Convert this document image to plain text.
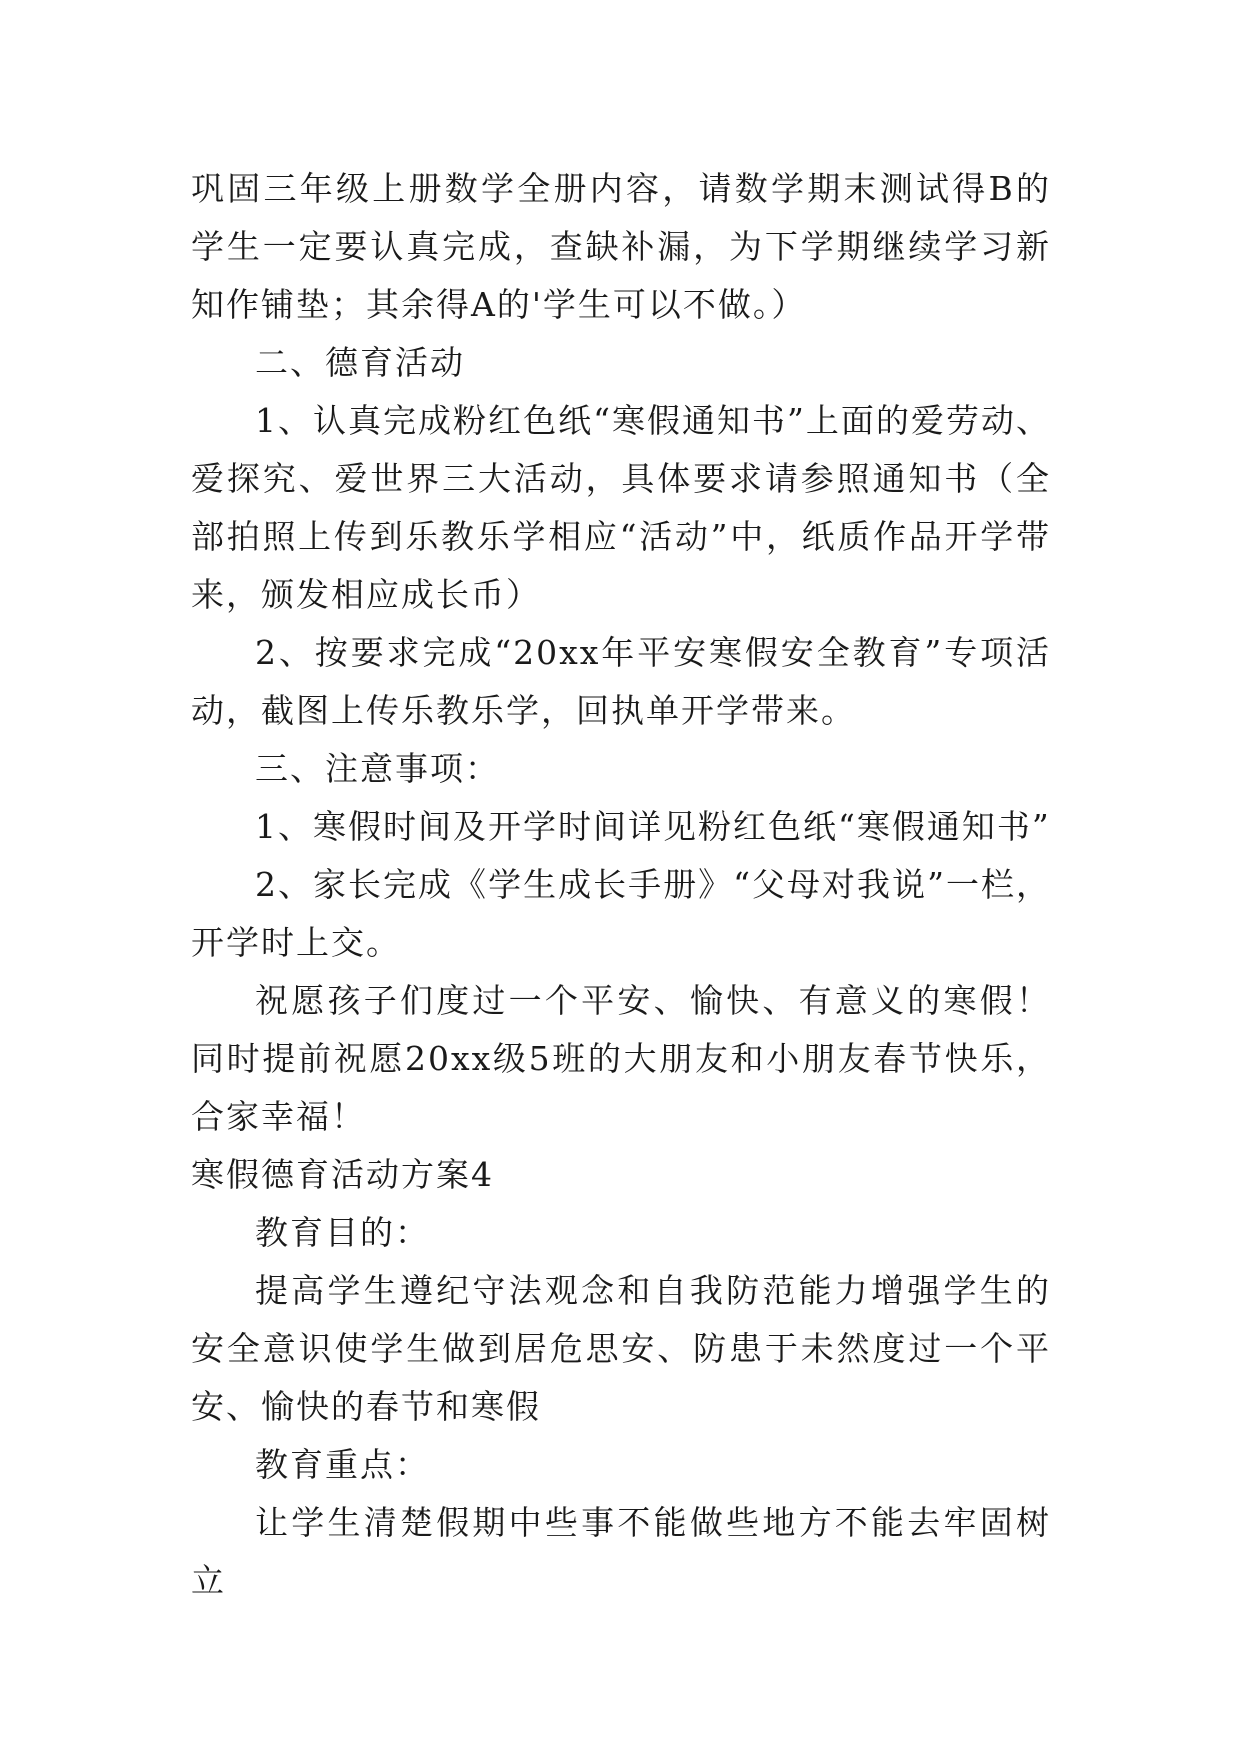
巩固三年级上册数学全册内容，请数学期末测试得B的学生一定要认真完成，查缺补漏，为下学期继续学习新知作铺垫；其余得A的'学生可以不做。）

二、德育活动

1、认真完成粉红色纸“寒假通知书”上面的爱劳动、爱探究、爱世界三大活动，具体要求请参照通知书（全部拍照上传到乐教乐学相应“活动”中，纸质作品开学带来，颁发相应成长币）

2、按要求完成“20xx年平安寒假安全教育”专项活动，截图上传乐教乐学，回执单开学带来。

三、注意事项：

1、寒假时间及开学时间详见粉红色纸“寒假通知书”

2、家长完成《学生成长手册》“父母对我说”一栏，开学时上交。

祝愿孩子们度过一个平安、愉快、有意义的寒假！同时提前祝愿20xx级5班的大朋友和小朋友春节快乐，合家幸福！

寒假德育活动方案4

教育目的：

提高学生遵纪守法观念和自我防范能力增强学生的安全意识使学生做到居危思安、防患于未然度过一个平安、愉快的春节和寒假

教育重点：

让学生清楚假期中些事不能做些地方不能去牢固树立
